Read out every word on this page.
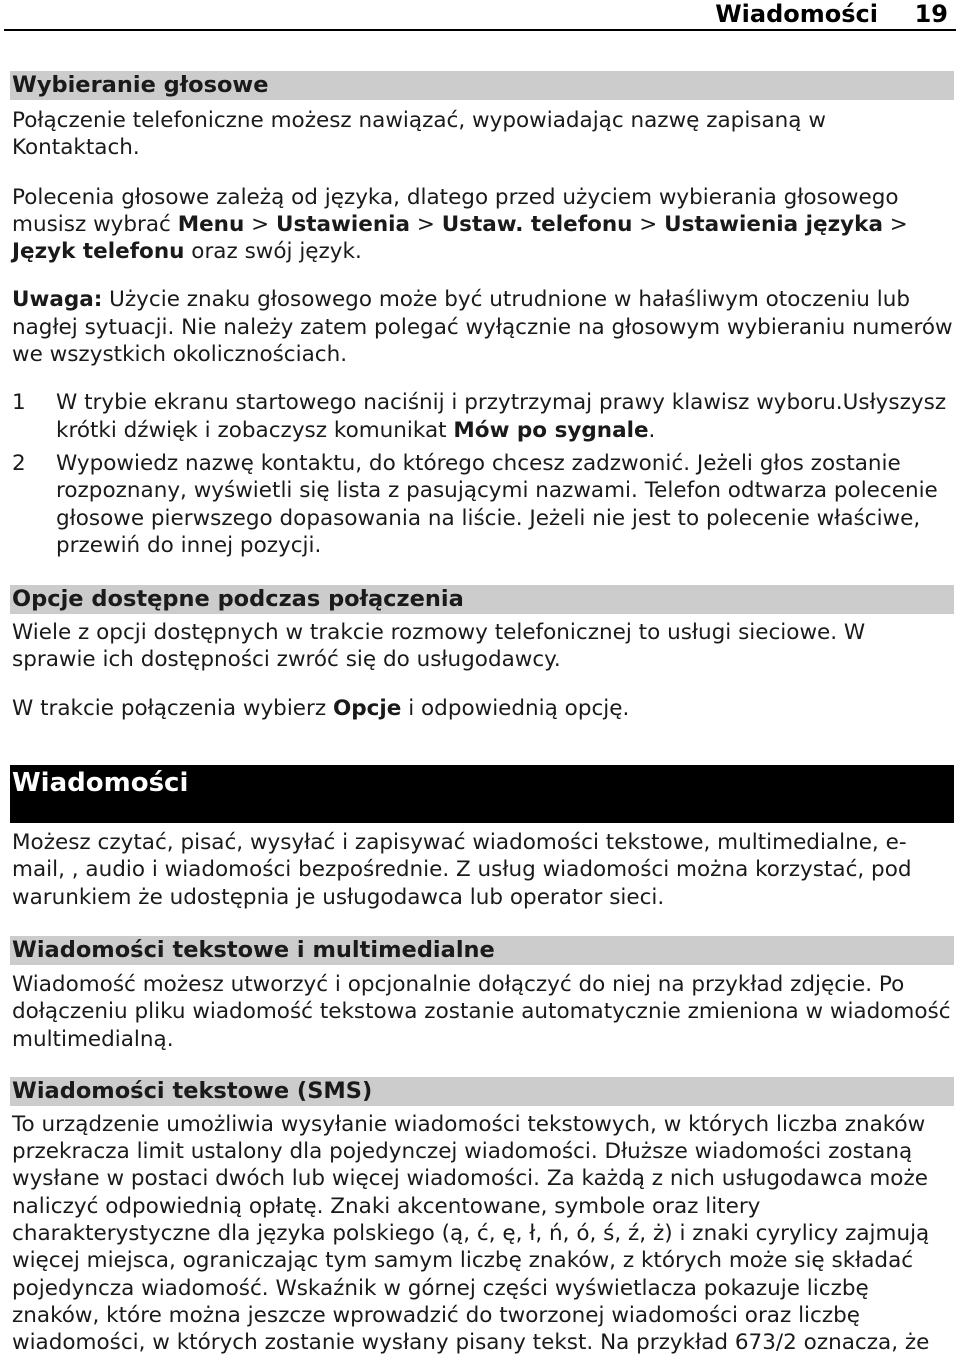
Wiadomości 19
Wybieranie głosowe

Połączenie telefoniczne możesz nawiązać, wypowiadając nazwę zapisaną w Kontaktach.

Polecenia głosowe zależą od języka, dlatego przed użyciem wybierania głosowego musisz wybrać Menu > Ustawienia > Ustaw. telefonu > Ustawienia języka > Język telefonu oraz swój język.

Uwaga: Użycie znaku głosowego może być utrudnione w hałaśliwym otoczeniu lub nagłej sytuacji. Nie należy zatem polegać wyłącznie na głosowym wybieraniu numerów we wszystkich okolicznościach.

1 W trybie ekranu startowego naciśnij i przytrzymaj prawy klawisz wyboru.Usłyszysz krótki dźwięk i zobaczysz komunikat Mów po sygnale.
2 Wypowiedz nazwę kontaktu, do którego chcesz zadzwonić. Jeżeli głos zostanie rozpoznany, wyświetli się lista z pasującymi nazwami. Telefon odtwarza polecenie głosowe pierwszego dopasowania na liście. Jeżeli nie jest to polecenie właściwe, przewiń do innej pozycji.
Opcje dostępne podczas połączenia

Wiele z opcji dostępnych w trakcie rozmowy telefonicznej to usługi sieciowe. W sprawie ich dostępności zwróć się do usługodawcy.

W trakcie połączenia wybierz Opcje i odpowiednią opcję.

Wiadomości

Możesz czytać, pisać, wysyłać i zapisywać wiadomości tekstowe, multimedialne, e-mail, , audio i wiadomości bezpośrednie. Z usług wiadomości można korzystać, pod warunkiem że udostępnia je usługodawca lub operator sieci.

Wiadomości tekstowe i multimedialne

Wiadomość możesz utworzyć i opcjonalnie dołączyć do niej na przykład zdjęcie. Po dołączeniu pliku wiadomość tekstowa zostanie automatycznie zmieniona w wiadomość multimedialną.

Wiadomości tekstowe (SMS)

To urządzenie umożliwia wysyłanie wiadomości tekstowych, w których liczba znaków przekracza limit ustalony dla pojedynczej wiadomości. Dłuższe wiadomości zostaną wysłane w postaci dwóch lub więcej wiadomości. Za każdą z nich usługodawca może naliczyć odpowiednią opłatę. Znaki akcentowane, symbole oraz litery charakterystyczne dla języka polskiego (ą, ć, ę, ł, ń, ó, ś, ź, ż) i znaki cyrylicy zajmują więcej miejsca, ograniczając tym samym liczbę znaków, z których może się składać pojedyncza wiadomość. Wskaźnik w górnej części wyświetlacza pokazuje liczbę znaków, które można jeszcze wprowadzić do tworzonej wiadomości oraz liczbę wiadomości, w których zostanie wysłany pisany tekst. Na przykład 673/2 oznacza, że
